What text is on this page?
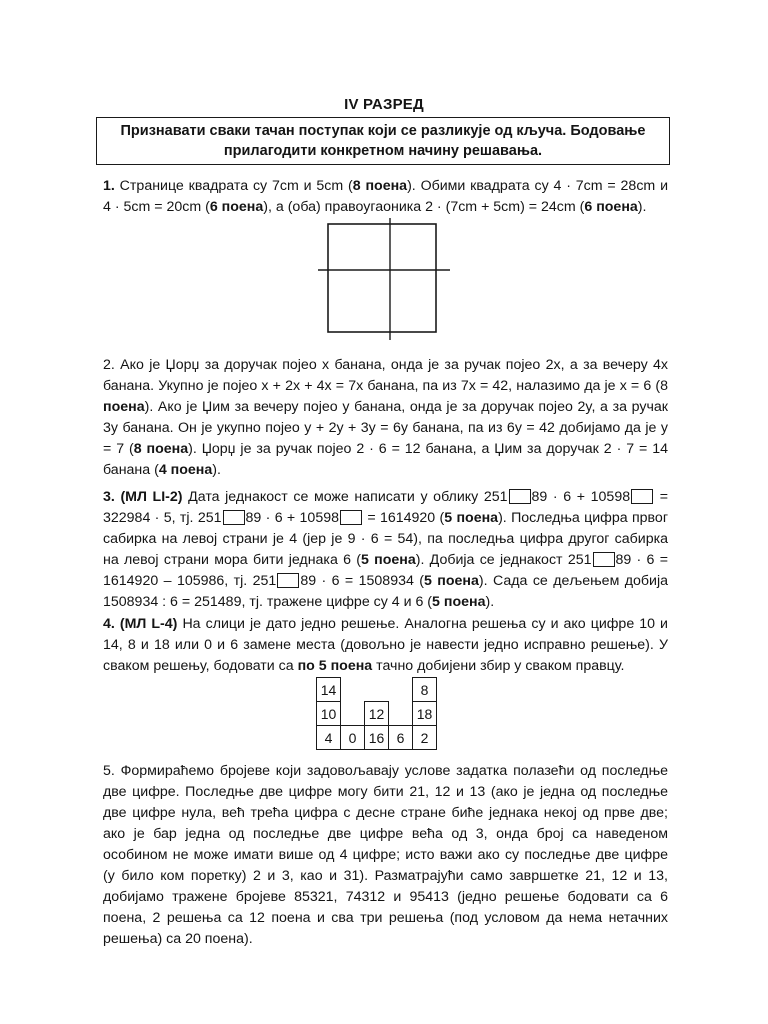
IV РАЗРЕД
Признавати сваки тачан поступак који се разликује од кључа. Бодовање
прилагодити конкретном начину решавања.
1. Странице квадрата су 7cm и 5cm (8 поена). Обими квадрата су 4 · 7cm = 28cm и
4 · 5cm = 20cm (6 поена), а (оба) правоугаоника 2 · (7cm + 5cm) = 24cm (6 поена).
2. Ако је Џорџ за доручак појео x банана, онда је за ручак појео 2x, а за вечеру 4x
банана. Укупно је појео x + 2x + 4x = 7x банана, па из 7x = 42, налазимо да је x = 6 (8
поена). Ако је Џим за вечеру појео y банана, онда је за доручак појео 2y, а за ручак
3y банана. Он је укупно појео y + 2y + 3y = 6y банана, па из 6y = 42 добијамо да је y
= 7 (8 поена). Џорџ је за ручак појео 2 · 6 = 12 банана, а Џим за доручак 2 · 7 = 14
банана (4 поена).
3. (МЛ LI-2) Дата једнакост се може написати у облику 251 89 · 6 + 10598 =
322984 · 5, тј. 251 89 · 6 + 10598 = 1614920 (5 поена). Последња цифра првог
сабирка на левој страни је 4 (јер је 9 · 6 = 54), па последња цифра другог сабирка
на левој страни мора бити једнака 6 (5 поена). Добија се једнакост 251 89 · 6 =
1614920 – 105986, тј. 251 89 · 6 = 1508934 (5 поена). Сада се дељењем добија
1508934 : 6 = 251489, тј. тражене цифре су 4 и 6 (5 поена).
4. (МЛ L-4) На слици је дато једно решење. Аналогна решења су и ако цифре 10 и
14, 8 и 18 или 0 и 6 замене места (довољно је навести једно исправно решење). У
сваком решењу, бодовати са по 5 поена тачно добијени збир у сваком правцу.
14				8
10		12		18
4	0	16	6	2
5. Формираћемо бројеве који задовољавају услове задатка полазећи од последње
две цифре. Последње две цифре могу бити 21, 12 и 13 (ако је једна од последње
две цифре нула, већ трећа цифра с десне стране биће једнака некој од прве две;
ако је бар једна од последње две цифре већа од 3, онда број са наведеном
особином не може имати више од 4 цифре; исто важи ако су последње две цифре
(у било ком поретку) 2 и 3, као и 31). Разматрајући само завршетке 21, 12 и 13,
добијамо тражене бројеве 85321, 74312 и 95413 (једно решење бодовати са 6
поена, 2 решења са 12 поена и сва три решења (под условом да нема нетачних
решења) са 20 поена).
